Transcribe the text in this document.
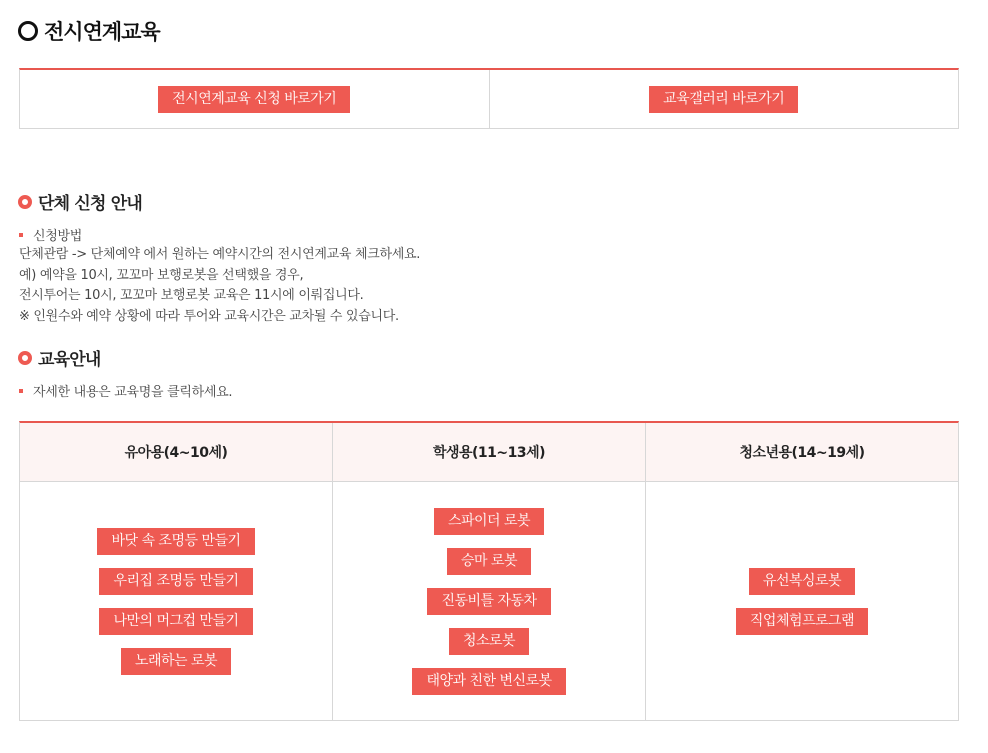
전시연계교육
전시연계교육 신청 바로가기	교육갤러리 바로가기
단체 신청 안내
신청방법
단체관람 -> 단체예약 에서 원하는 예약시간의 전시연계교육 체크하세요.
예) 예약을 10시, 꼬꼬마 보행로봇을 선택했을 경우,
전시투어는 10시, 꼬꼬마 보행로봇 교육은 11시에 이뤄집니다.
※ 인원수와 예약 상황에 따라 투어와 교육시간은 교차될 수 있습니다.
교육안내
자세한 내용은 교육명을 클릭하세요.
유아용(4~10세)
바닷 속 조명등 만들기
우리집 조명등 만들기
나만의 머그컵 만들기
노래하는 로봇
학생용(11~13세)
스파이더 로봇
승마 로봇
진동비틀 자동차
청소로봇
태양과 친한 변신로봇
청소년용(14~19세)
유선복싱로봇
직업체험프로그램
